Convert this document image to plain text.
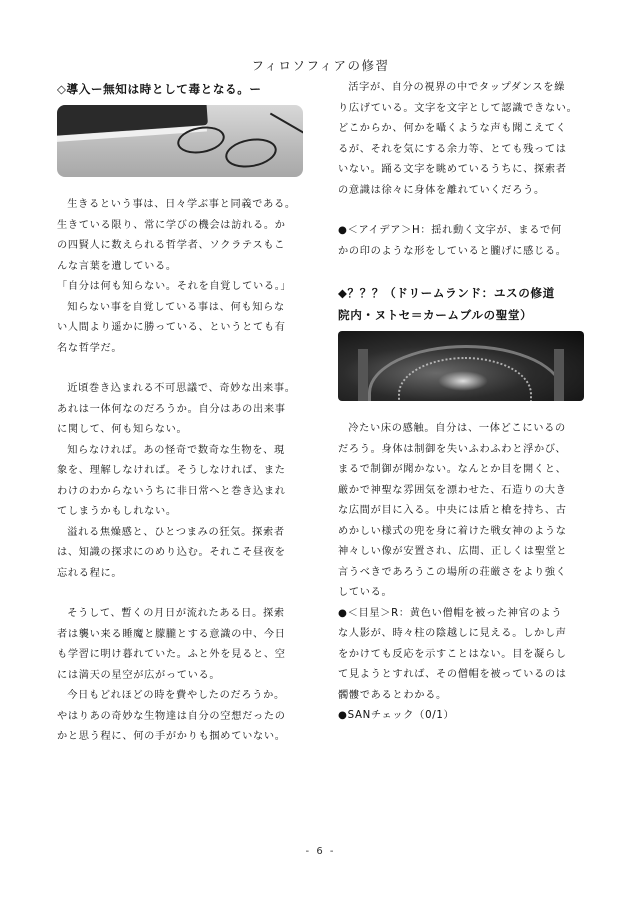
フィロソフィアの修習
◇導入ー無知は時として毒となる。ー
生きるという事は、日々学ぶ事と同義である。
生きている限り、常に学びの機会は訪れる。か
の四賢人に数えられる哲学者、ソクラテスもこ
んな言葉を遺している。
「自分は何も知らない。それを自覚している。」
知らない事を自覚している事は、何も知らな
い人間より遥かに勝っている、というとても有
名な哲学だ。
近頃巻き込まれる不可思議で、奇妙な出来事。
あれは一体何なのだろうか。自分はあの出来事
に関して、何も知らない。
知らなければ。あの怪奇で数奇な生物を、現
象を、理解しなければ。そうしなければ、また
わけのわからないうちに非日常へと巻き込まれ
てしまうかもしれない。
溢れる焦燥感と、ひとつまみの狂気。探索者
は、知識の探求にのめり込む。それこそ昼夜を
忘れる程に。
そうして、暫くの月日が流れたある日。探索
者は襲い来る睡魔と朦朧とする意識の中、今日
も学習に明け暮れていた。ふと外を見ると、空
には満天の星空が広がっている。
今日もどれほどの時を費やしたのだろうか。
やはりあの奇妙な生物達は自分の空想だったの
かと思う程に、何の手がかりも掴めていない。
活字が、自分の視界の中でタップダンスを繰
り広げている。文字を文字として認識できない。
どこからか、何かを囁くような声も聞こえてく
るが、それを気にする余力等、とても残っては
いない。踊る文字を眺めているうちに、探索者
の意識は徐々に身体を離れていくだろう。
●＜アイデア＞H：揺れ動く文字が、まるで何
かの印のような形をしていると朧げに感じる。
◆？？？（ドリームランド：ユスの修道
院内・ヌトセ＝カームブルの聖堂）
冷たい床の感触。自分は、一体どこにいるの
だろう。身体は制御を失いふわふわと浮かび、
まるで制御が聞かない。なんとか目を開くと、
厳かで神聖な雰囲気を漂わせた、石造りの大き
な広間が目に入る。中央には盾と槍を持ち、古
めかしい様式の兜を身に着けた戦女神のような
神々しい像が安置され、広間、正しくは聖堂と
言うべきであろうこの場所の荘厳さをより強く
している。
●＜目星＞R：黄色い僧帽を被った神官のよう
な人影が、時々柱の陰越しに見える。しかし声
をかけても反応を示すことはない。目を凝らし
て見ようとすれば、その僧帽を被っているのは
髑髏であるとわかる。
●SANチェック（0/1）
- 6 -
